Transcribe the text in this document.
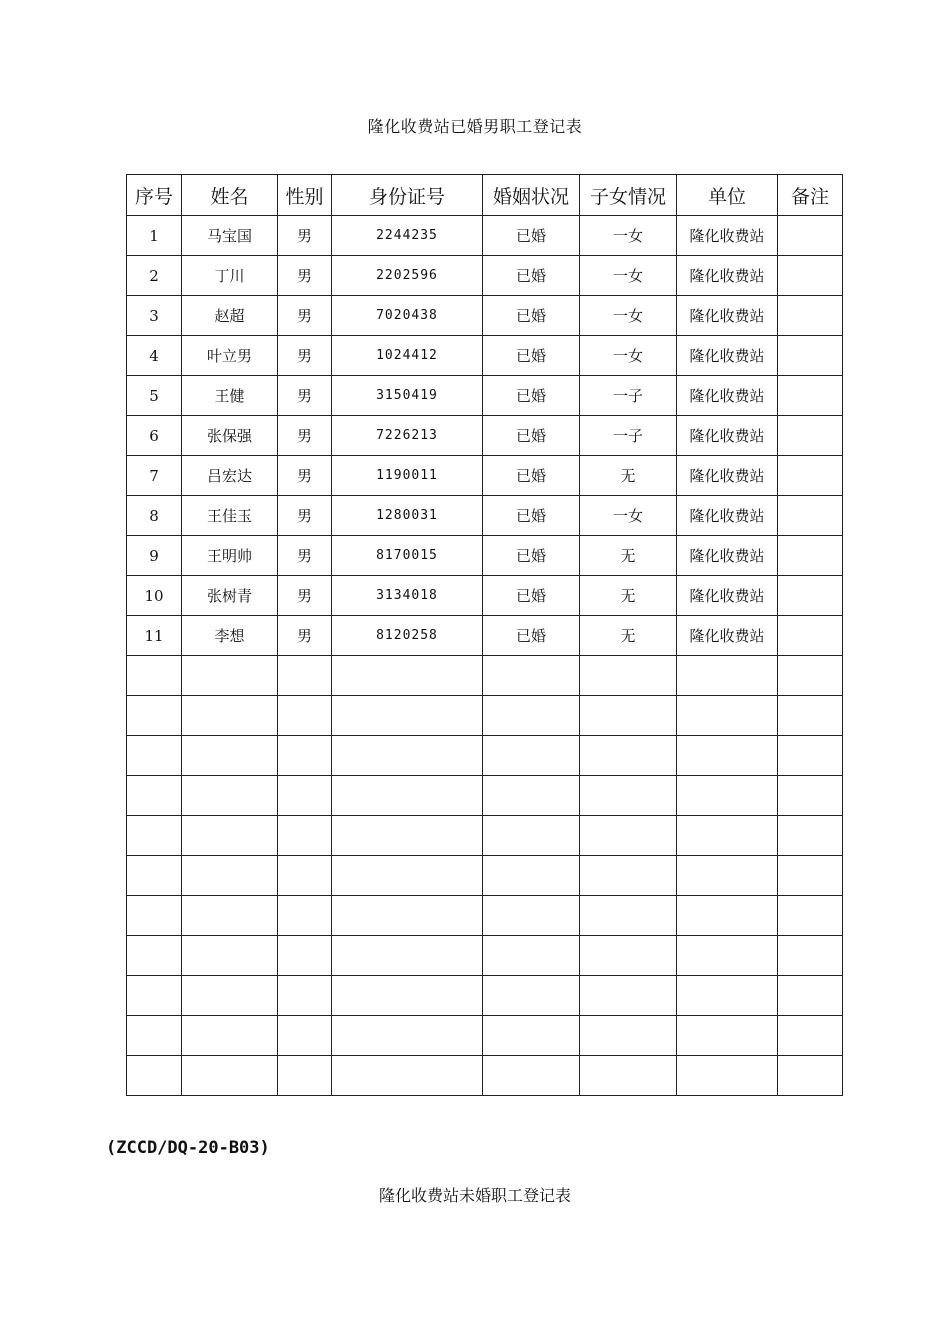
隆化收费站已婚男职工登记表
序号	姓名	性别	身份证号	婚姻状况	子女情况	单位	备注
1	马宝国	男	2244235	已婚	一女	隆化收费站	
2	丁川	男	2202596	已婚	一女	隆化收费站	
3	赵超	男	7020438	已婚	一女	隆化收费站	
4	叶立男	男	1024412	已婚	一女	隆化收费站	
5	王健	男	3150419	已婚	一子	隆化收费站	
6	张保强	男	7226213	已婚	一子	隆化收费站	
7	吕宏达	男	1190011	已婚	无	隆化收费站	
8	王佳玉	男	1280031	已婚	一女	隆化收费站	
9	王明帅	男	8170015	已婚	无	隆化收费站	
10	张树青	男	3134018	已婚	无	隆化收费站	
11	李想	男	8120258	已婚	无	隆化收费站	

(ZCCD/DQ-20-B03)
隆化收费站未婚职工登记表
